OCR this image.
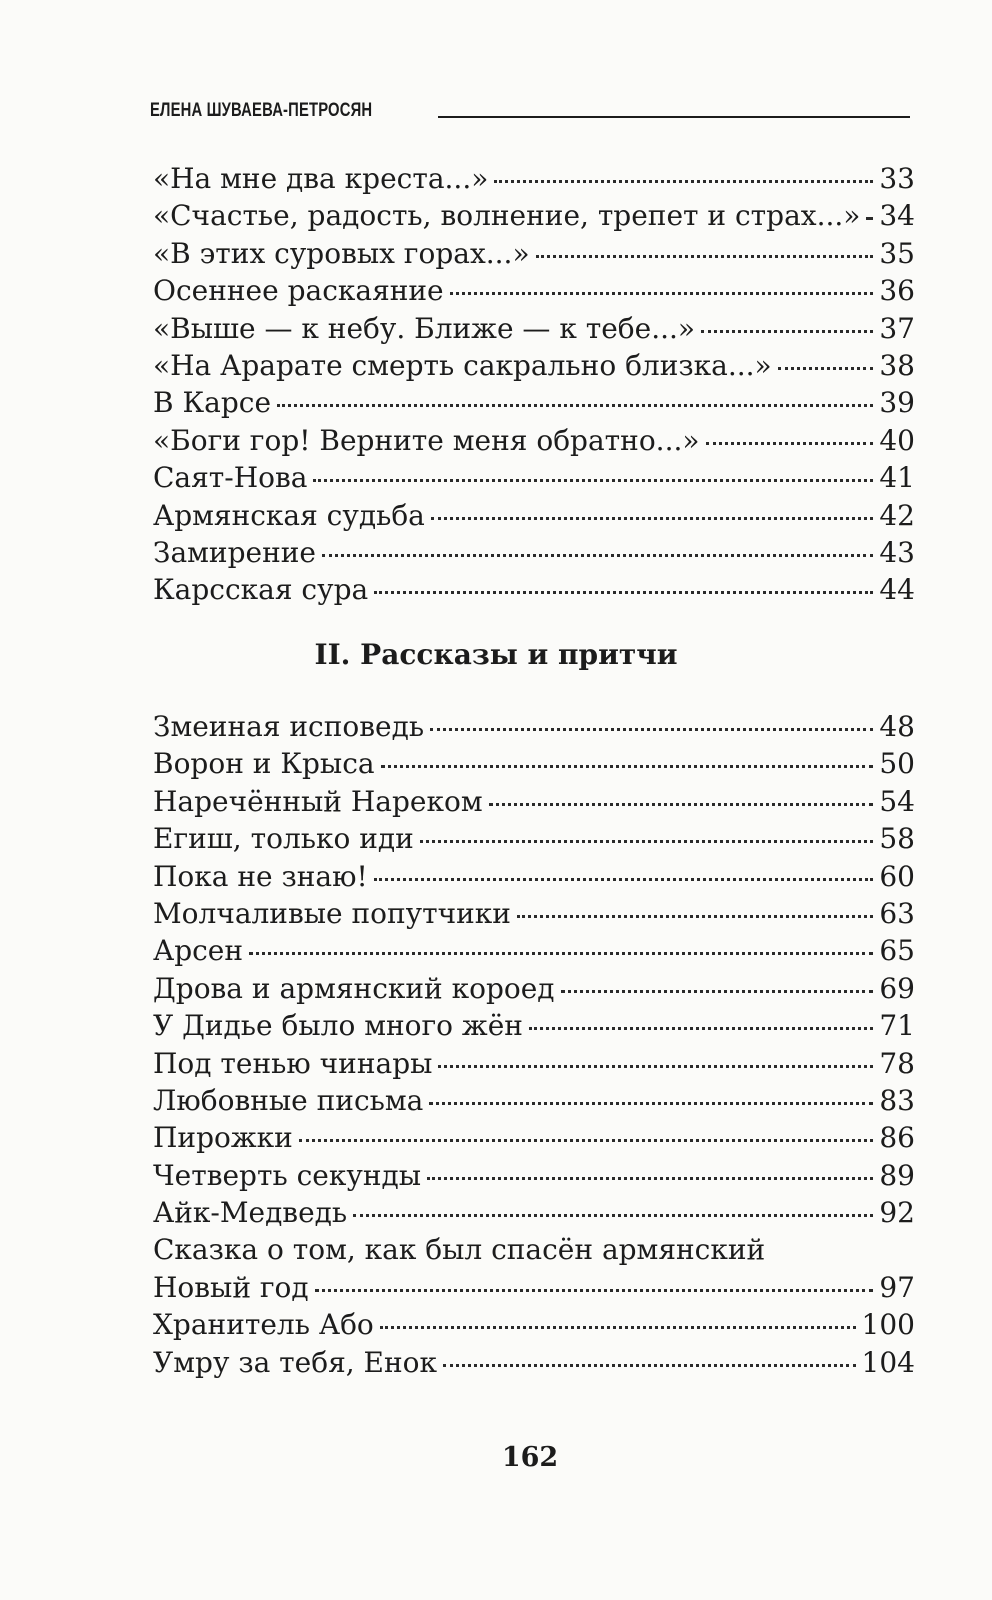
ЕЛЕНА ШУВАЕВА-ПЕТРОСЯН
«На мне два креста...»	33
«Счастье, радость, волнение, трепет и страх...» 34
«В этих суровых горах...»	35
Осеннее раскаяние	36
«Выше — к небу. Ближе — к тебе...»	37
«На Арарате смерть сакрально близка...»	38
В Карсе	39
«Боги гор! Верните меня обратно...»	40
Саят-Нова	41
Армянская судьба	42
Замирение	43
Карсская сура	44
II. Рассказы и притчи
Змеиная исповедь	48
Ворон и Крыса	50
Наречённый Нареком	54
Егиш, только иди	58
Пока не знаю!	60
Молчаливые попутчики	63
Арсен	65
Дрова и армянский короед	69
У Дидье было много жён	71
Под тенью чинары	78
Любовные письма	83
Пирожки	86
Четверть секунды	89
Айк-Медведь	92
Сказка о том, как был спасён армянский
Новый год	97
Хранитель Або	100
Умру за тебя, Енок	104
162
